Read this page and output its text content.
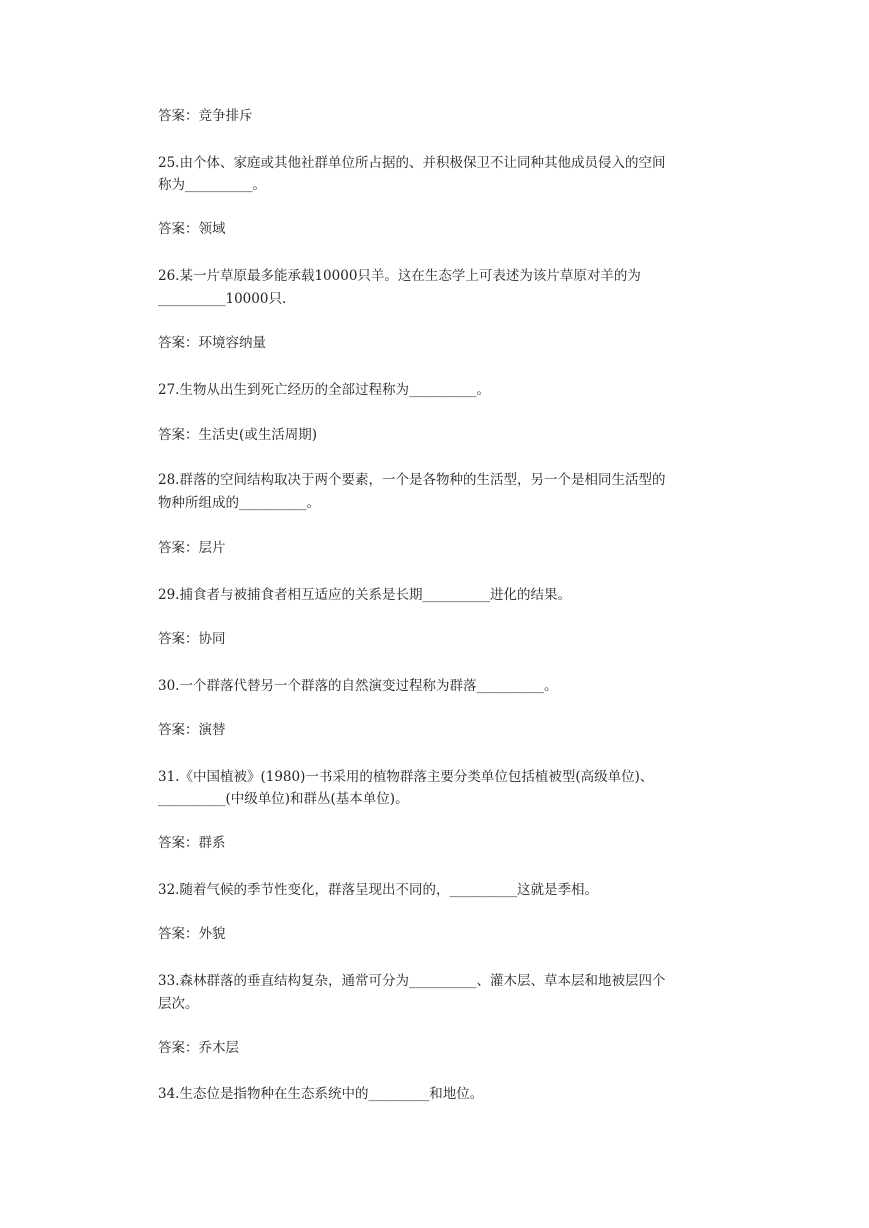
答案：竞争排斥
25.由个体、家庭或其他社群单位所占据的、并积极保卫不让同种其他成员侵入的空间
称为__________。
答案：领域
26.某一片草原最多能承载10000只羊。这在生态学上可表述为该片草原对羊的为
__________10000只.
答案：环境容纳量
27.生物从出生到死亡经历的全部过程称为__________。
答案：生活史(或生活周期)
28.群落的空间结构取决于两个要素，一个是各物种的生活型，另一个是相同生活型的
物种所组成的__________。
答案：层片
29.捕食者与被捕食者相互适应的关系是长期__________进化的结果。
答案：协同
30.一个群落代替另一个群落的自然演变过程称为群落__________。
答案：演替
31.《中国植被》(1980)一书采用的植物群落主要分类单位包括植被型(高级单位)、
__________(中级单位)和群丛(基本单位)。
答案：群系
32.随着气候的季节性变化，群落呈现出不同的，__________这就是季相。
答案：外貌
33.森林群落的垂直结构复杂，通常可分为__________、灌木层、草本层和地被层四个
层次。
答案：乔木层
34.生态位是指物种在生态系统中的_________和地位。
